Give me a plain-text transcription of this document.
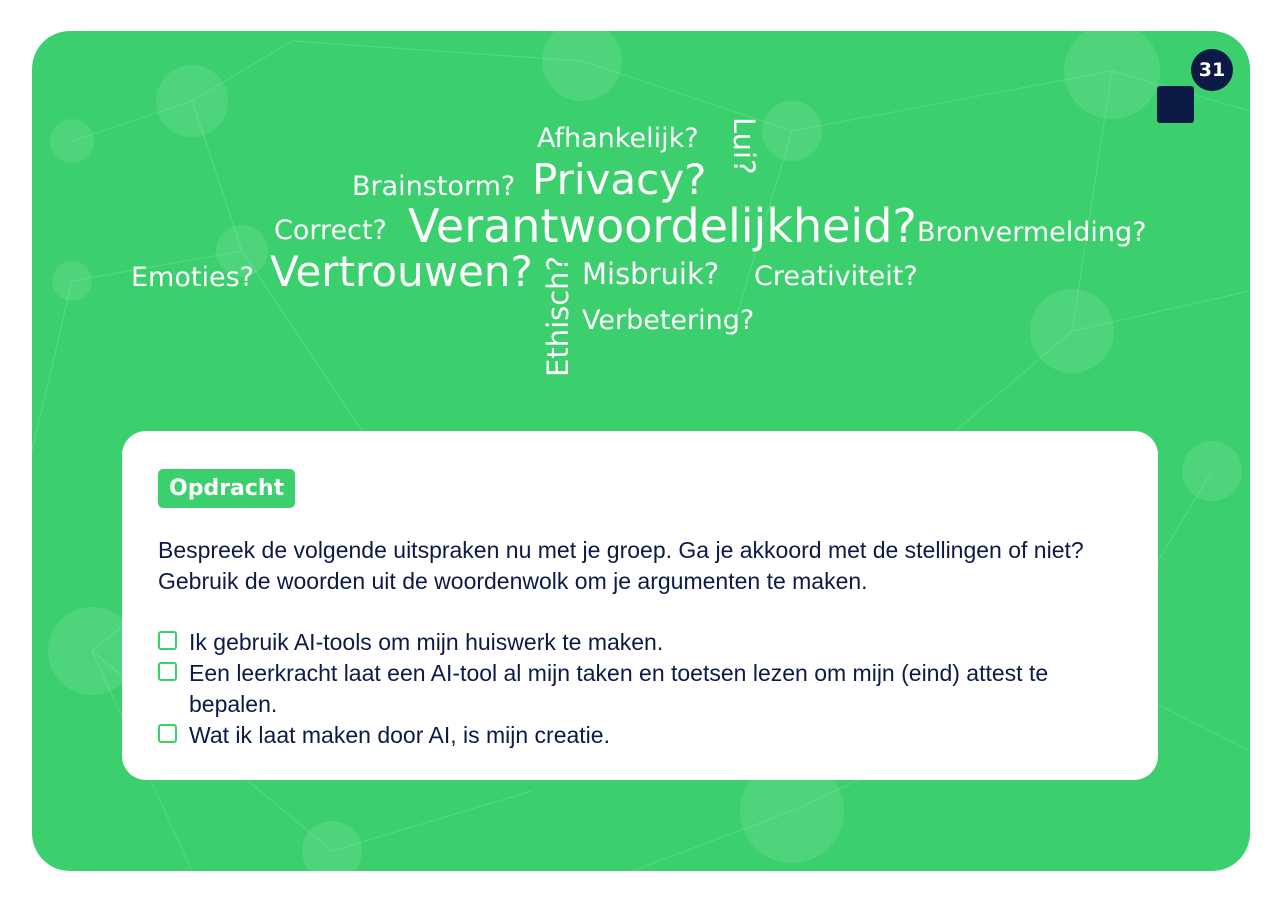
31
Afhankelijk? Lui?
Brainstorm? Privacy?
Correct? Verantwoordelijkheid? Bronvermelding?
Emoties? Vertrouwen? Ethisch? Misbruik? Creativiteit?
Verbetering?
Opdracht
Bespreek de volgende uitspraken nu met je groep. Ga je akkoord met de stellingen of niet? Gebruik de woorden uit de woordenwolk om je argumenten te maken.
Ik gebruik AI-tools om mijn huiswerk te maken.
Een leerkracht laat een AI-tool al mijn taken en toetsen lezen om mijn (eind) attest te bepalen.
Wat ik laat maken door AI, is mijn creatie.
